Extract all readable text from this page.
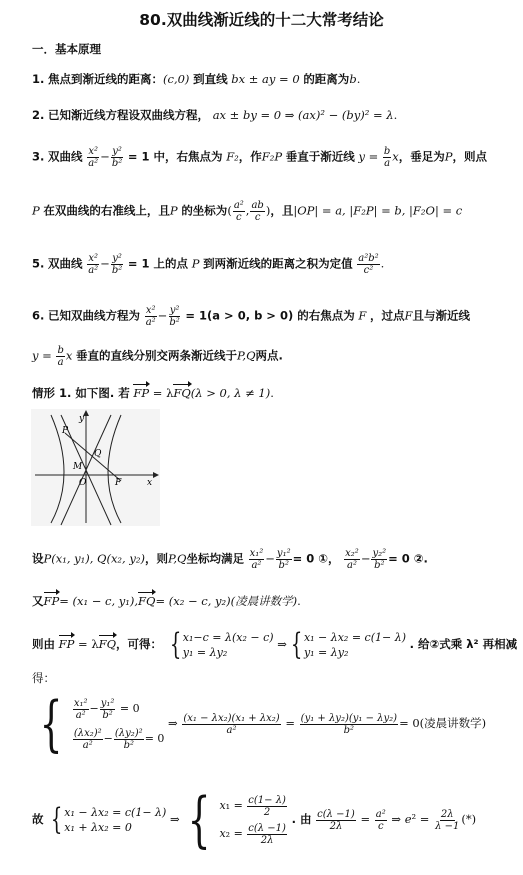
80.双曲线渐近线的十二大常考结论
一．基本原理
1. 焦点到渐近线的距离：(c,0) 到直线 bx ± ay = 0 的距离为b.
2. 已知渐近线方程设双曲线方程， ax ± by = 0 ⇒ (ax)² − (by)² = λ.
3. 双曲线 $\frac{\text{x²}}{\text{a²}} - \frac{\text{y²}}{\text{b²}} = 1$ 中，右焦点为 F₂，作F₂P 垂直于渐近线 $y = \frac{b}{a}$ x，垂足为P，则点
P 在双曲线的右准线上，且P 的坐标为( $\frac{\text{a²}}{c}$ , $\frac{ab}{c}$ )，且|OP| = a, |F₂P| = b, |F₂O| = c
5. 双曲线 $\frac{\text{x²}}{\text{a²}} - \frac{\text{y²}}{\text{b²}} = 1$ 上的点 P 到两渐近线的距离之积为定值 $\frac{\text{a²b²}}{\text{c²}}$ .
6. 已知双曲线方程为 $\frac{\text{x²}}{\text{a²}} - \frac{\text{y²}}{\text{b²}} = 1(a > 0$, b > 0) 的右焦点为 F ，过点F且与渐近线
$y = \frac{b}{a}$ x 垂直的直线分别交两条渐近线于P,Q两点.
情形 1. 如下图. 若 FP = λFQ(λ > 0, λ ≠ 1).
y
P
Q
M
O	F	x
设P(x₁, y₁), Q(x₂, y₂)，则P,Q坐标均满足 $\frac{\text{x₁²}}{\text{a²}} - \frac{\text{y₁²}}{\text{b²}} = 0$ ①， $\frac{\text{x₂²}}{\text{a²}} - \frac{\text{y₂²}}{\text{b²}} = 0$ ②.
又FP= (x₁ − c, y₁),FQ= (x₂ − c, y₂)(凌晨讲数学).
则由 FP = λFQ，可得： { x₁−c = λ(x₂ − c)
y₁ = λy₂
⇒ { x₁ − λx₂ = c(1− λ)
y₁ = λy₂
. 给②式乘 λ² 再相减
得：
{ $\frac{\text{x₁²}}{\text{a²}} - \frac{\text{y₁²}}{\text{b²}} = 0$
$\frac{\text{(λx₂)²}}{\text{a²}} - \frac{\text{(λy₂)²}}{\text{b²}} = 0$
⇒ $\frac{\text{(x₁ − λx₂)(x₁ + λx₂)}}{\text{a²}} = \frac{\text{(y₁ + λy₂)(y₁ − λy₂)}}{\text{b²}} = 0$(凌晨讲数学)
故 { x₁ − λx₂ = c(1− λ)
x₁ + λx₂ = 0
⇒ { $x_1 = \frac{c(1- \lambda)}{2}$
$x_2 = \frac{c(\lambda -1)}{2\lambda}$
. 由 $\frac{c(\lambda -1)}{2\lambda} = \frac{\text{a²}}{c}$ ⇒ $e^2 = \frac{2\lambda}{\lambda -1}$ (*)
